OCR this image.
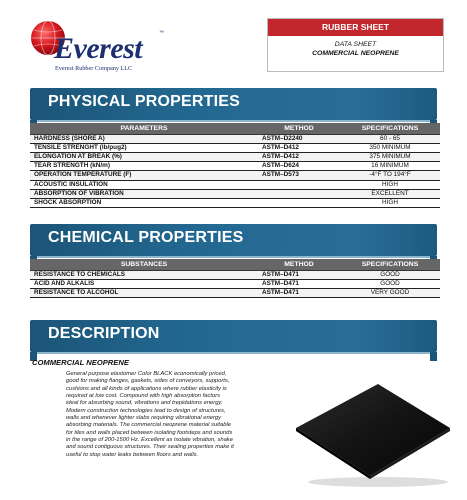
Everest	™
Everest Rubber Company LLC
RUBBER SHEET
DATA SHEET
COMMERCIAL NEOPRENE
PHYSICAL PROPERTIES
PARAMETERS	METHOD	SPECIFICATIONS
HARDNESS (SHORE A)	ASTM–D2240	60 - 65
TENSILE STRENGHT (lb/pug2)	ASTM–D412	350 MINIMUM
ELONGATION AT BREAK (%)	ASTM–D412	375 MINIMUM
TEAR STRENGTH (kN/m)	ASTM–D624	16 MINIMUM
OPERATION TEMPERATURE (F)	ASTM–D573	-4°F TO 194°F
ACOUSTIC INSULATION		HIGH
ABSORPTION OF VIBRATION		EXCELLENT
SHOCK ABSORPTION		HIGH
CHEMICAL PROPERTIES
SUBSTANCES	METHOD	SPECIFICATIONS
RESISTANCE TO CHEMICALS	ASTM–D471	GOOD
ACID AND ALKALIS	ASTM–D471	GOOD
RESISTANCE TO ALCOHOL	ASTM–D471	VERY GOOD
DESCRIPTION
COMMERCIAL NEOPRENE
General purpose elastomer Color BLACK economically priced,
good for making flanges, gaskets, sides of conveyors, supports,
cushions and all kinds of applications where rubber elasticity is
required at low cost. Compound with high absorption factors
ideal for absorbing sound, vibrations and trepidations energy.
Modern construction technologies lead to design of structures,
walls and whenever lighter slabs requiring vibrational energy
absorbing materials. The commercial neoprene material suitable
for tiles and walls placed between isolating footsteps and sounds
in the range of 200-1500 Hz. Excellent as isolate vibration, shake
and sound contiguous structures. Their sealing properties make it
useful to stop water leaks between floors and walls.
